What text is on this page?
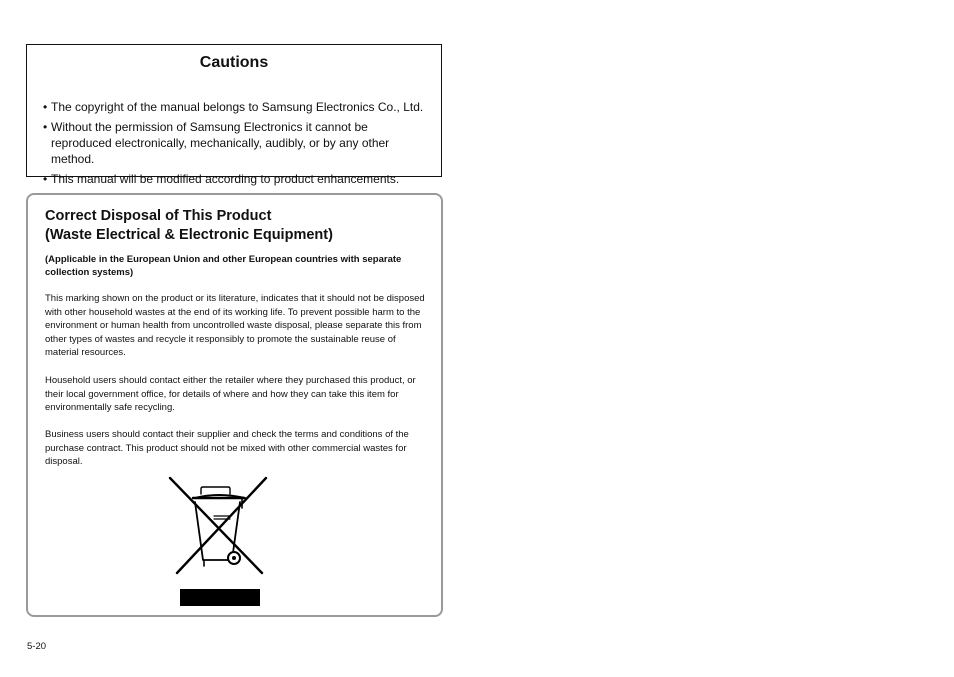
Cautions
• The copyright of the manual belongs to Samsung Electronics Co., Ltd.
• Without the permission of Samsung Electronics it cannot be reproduced electronically, mechanically, audibly, or by any other method.
• This manual will be modified according to product enhancements.
Correct Disposal of This Product
(Waste Electrical & Electronic Equipment)
(Applicable in the European Union and other European countries with separate collection systems)
This marking shown on the product or its literature, indicates that it should not be disposed with other household wastes at the end of its working life. To prevent possible harm to the environment or human health from uncontrolled waste disposal, please separate this from other types of wastes and recycle it responsibly to promote the sustainable reuse of material resources.
Household users should contact either the retailer where they purchased this product, or their local government office, for details of where and how they can take this item for environmentally safe recycling.
Business users should contact their supplier and check the terms and conditions of the purchase contract. This product should not be mixed with other commercial wastes for disposal.
5-20
